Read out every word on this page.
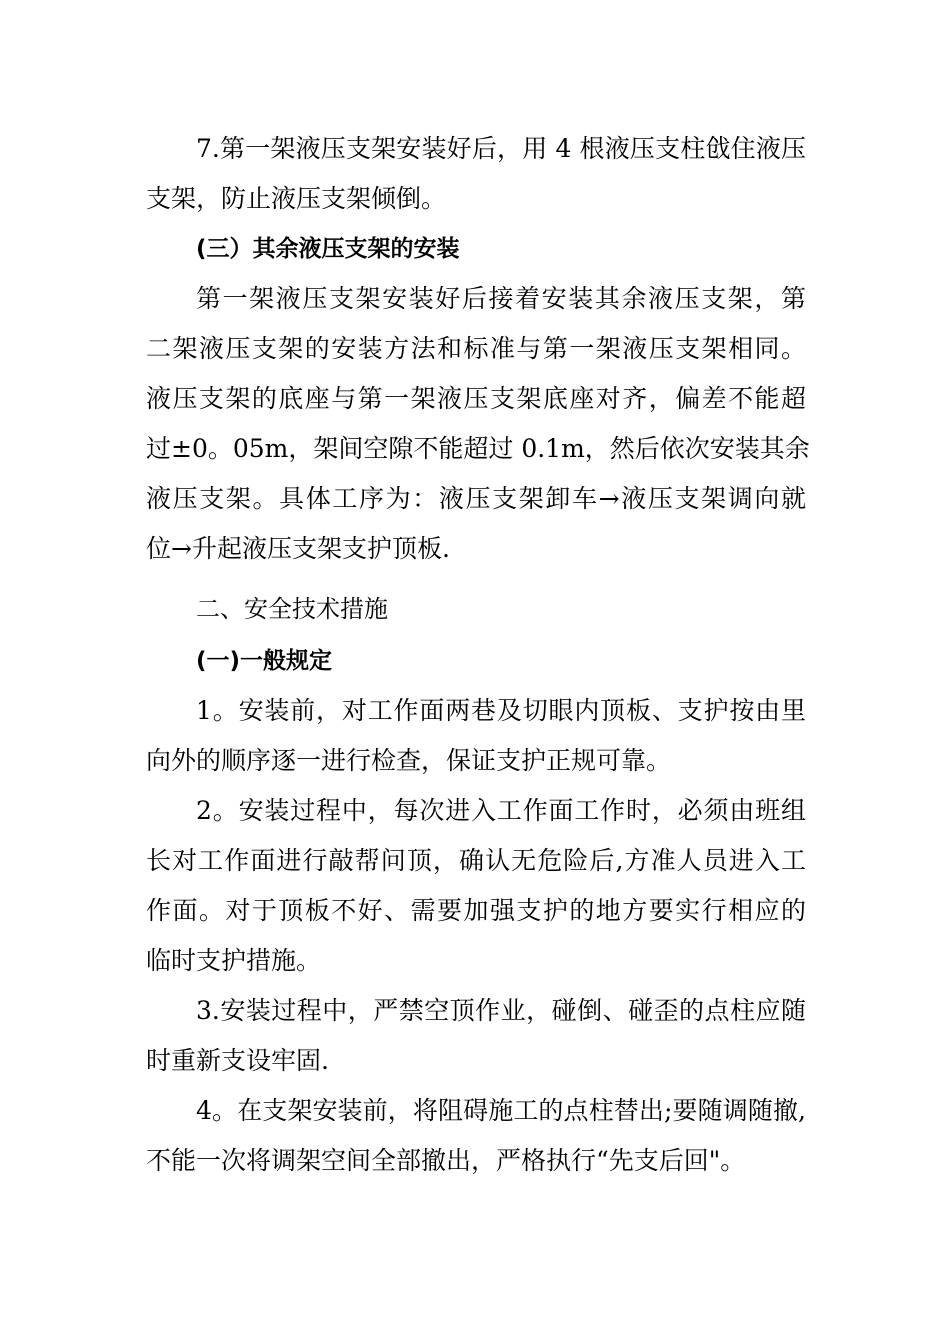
7.第一架液压支架安装好后，用 4 根液压支柱戗住液压
支架，防止液压支架倾倒。
(三）其余液压支架的安装
第一架液压支架安装好后接着安装其余液压支架，第
二架液压支架的安装方法和标准与第一架液压支架相同。
液压支架的底座与第一架液压支架底座对齐，偏差不能超
过±0。05m，架间空隙不能超过 0.1m，然后依次安装其余
液压支架。具体工序为：液压支架卸车→液压支架调向就
位→升起液压支架支护顶板.
二、安全技术措施
(一)一般规定
1。安装前，对工作面两巷及切眼内顶板、支护按由里
向外的顺序逐一进行检查，保证支护正规可靠。
2。安装过程中，每次进入工作面工作时，必须由班组
长对工作面进行敲帮问顶，确认无危险后,方准人员进入工
作面。对于顶板不好、需要加强支护的地方要实行相应的
临时支护措施。
3.安装过程中，严禁空顶作业，碰倒、碰歪的点柱应随
时重新支设牢固.
4。在支架安装前，将阻碍施工的点柱替出;要随调随撤,
不能一次将调架空间全部撤出，严格执行“先支后回"。
